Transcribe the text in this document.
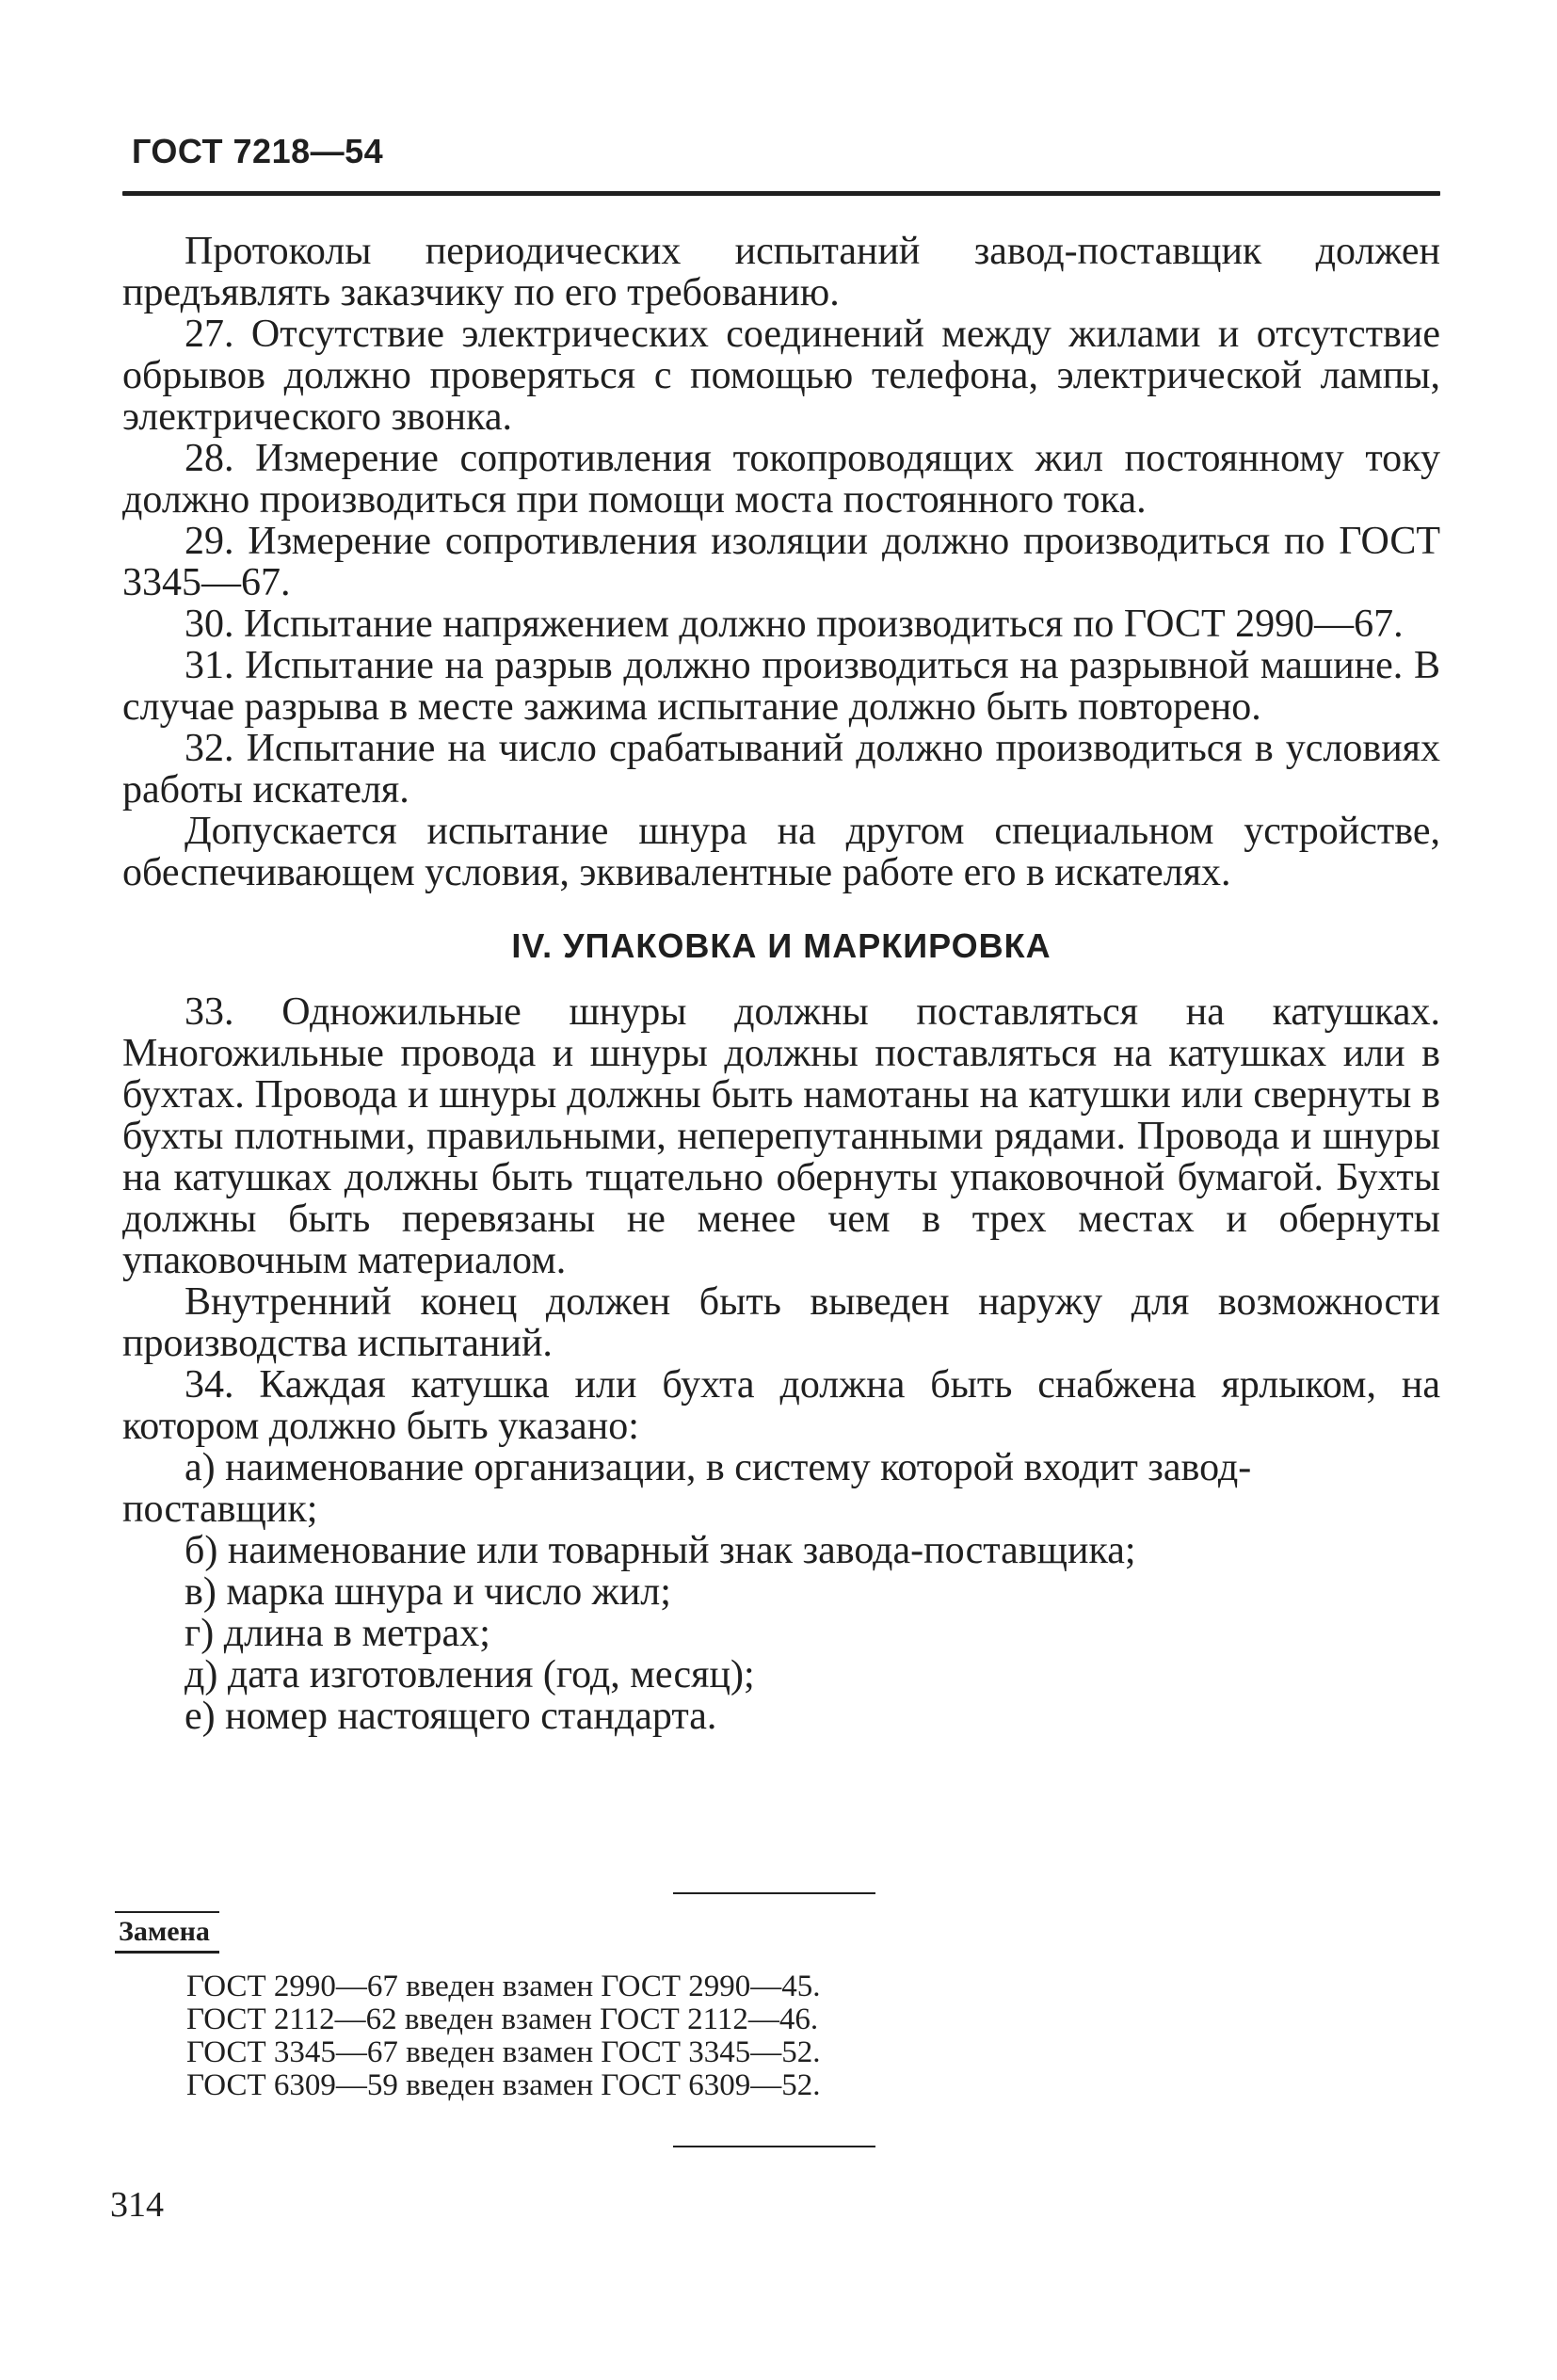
ГОСТ 7218—54

Протоколы периодических испытаний завод-поставщик должен предъявлять заказчику по его требованию.

27. Отсутствие электрических соединений между жилами и отсутствие обрывов должно проверяться с помощью телефона, электрической лампы, электрического звонка.

28. Измерение сопротивления токопроводящих жил постоянному току должно производиться при помощи моста постоянного тока.

29. Измерение сопротивления изоляции должно производиться по ГОСТ 3345—67.

30. Испытание напряжением должно производиться по ГОСТ 2990—67.

31. Испытание на разрыв должно производиться на разрывной машине. В случае разрыва в месте зажима испытание должно быть повторено.

32. Испытание на число срабатываний должно производиться в условиях работы искателя.

Допускается испытание шнура на другом специальном устройстве, обеспечивающем условия, эквивалентные работе его в искателях.

IV. УПАКОВКА И МАРКИРОВКА

33. Одножильные шнуры должны поставляться на катушках. Многожильные провода и шнуры должны поставляться на катушках или в бухтах. Провода и шнуры должны быть намотаны на катушки или свернуты в бухты плотными, правильными, неперепутанными рядами. Провода и шнуры на катушках должны быть тщательно обернуты упаковочной бумагой. Бухты должны быть перевязаны не менее чем в трех местах и обернуты упаковочным материалом.

Внутренний конец должен быть выведен наружу для возможности производства испытаний.

34. Каждая катушка или бухта должна быть снабжена ярлыком, на котором должно быть указано:

а) наименование организации, в систему которой входит завод-поставщик;

б) наименование или товарный знак завода-поставщика;

в) марка шнура и число жил;

г) длина в метрах;

д) дата изготовления (год, месяц);

е) номер настоящего стандарта.

Замена

ГОСТ 2990—67 введен взамен ГОСТ 2990—45.

ГОСТ 2112—62 введен взамен ГОСТ 2112—46.

ГОСТ 3345—67 введен взамен ГОСТ 3345—52.

ГОСТ 6309—59 введен взамен ГОСТ 6309—52.

314
